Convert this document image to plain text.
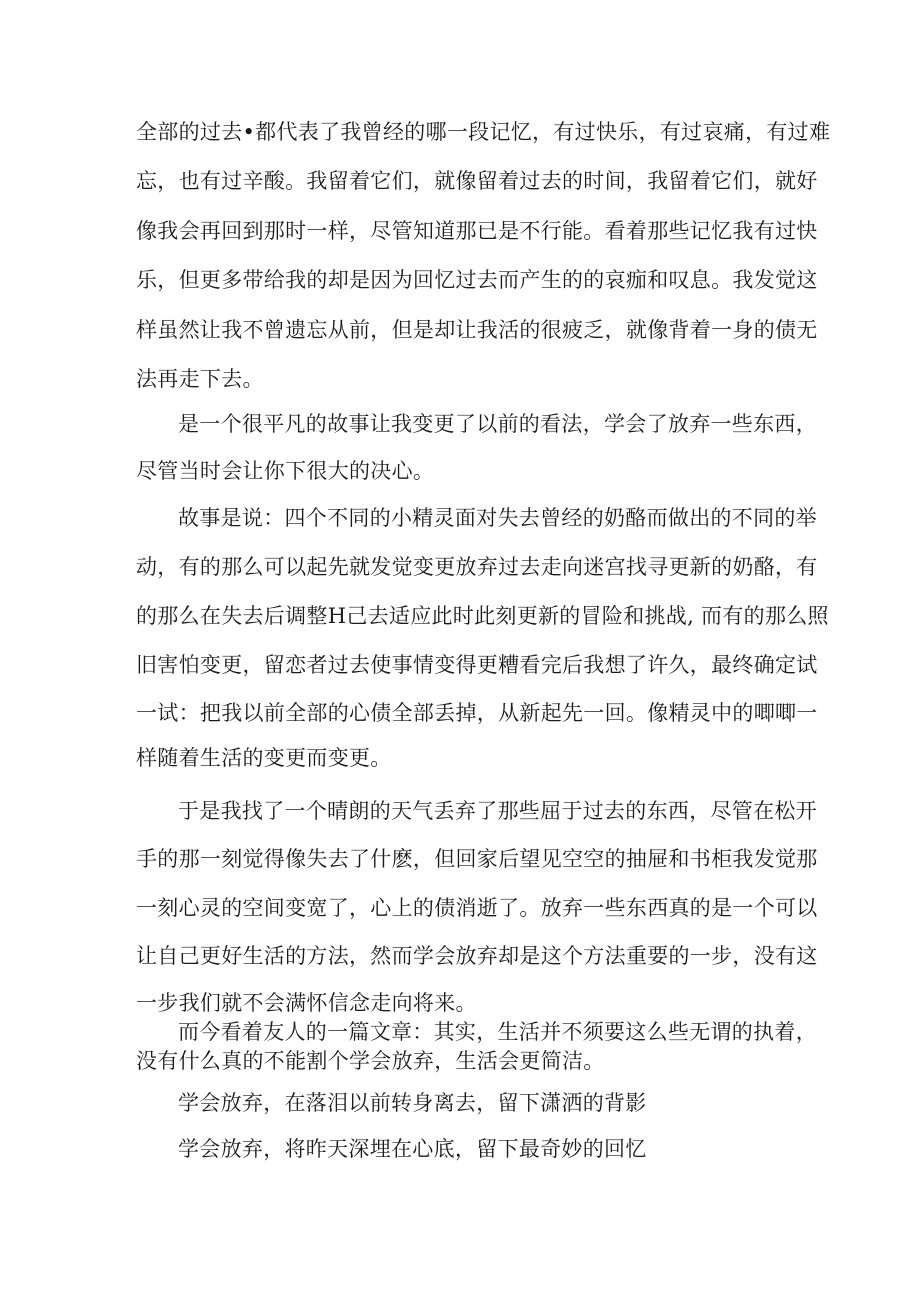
全部的过去•都代表了我曾经的哪一段记忆，有过快乐，有过哀痛，有过难
忘，也有过辛酸。我留着它们，就像留着过去的时间，我留着它们，就好
像我会再回到那时一样，尽管知道那已是不行能。看着那些记忆我有过快
乐，但更多带给我的却是因为回忆过去而产生的的哀痂和叹息。我发觉这
样虽然让我不曾遗忘从前，但是却让我活的很疲乏，就像背着一身的债无
法再走下去。
是一个很平凡的故事让我变更了以前的看法，学会了放弃一些东西，
尽管当时会让你下很大的决心。
故事是说：四个不同的小精灵面对失去曾经的奶酪而做出的不同的举
动，有的那么可以起先就发觉变更放弃过去走向迷宫找寻更新的奶酪，有
的那么在失去后调整H己去适应此时此刻更新的冒险和挑战, 而有的那么照
旧害怕变更，留恋者过去使事情变得更糟看完后我想了许久，最终确定试
一试：把我以前全部的心债全部丢掉，从新起先一回。像精灵中的唧唧一
样随着生活的变更而变更。
于是我找了一个晴朗的天气丢弃了那些屈于过去的东西，尽管在松开
手的那一刻觉得像失去了什麽，但回家后望见空空的抽屉和书柜我发觉那
一刻心灵的空间变宽了，心上的债消逝了。放弃一些东西真的是一个可以
让自己更好生活的方法，然而学会放弃却是这个方法重要的一步，没有这
一步我们就不会满怀信念走向将来。
而今看着友人的一篇文章：其实，生活并不须要这么些无谓的执着，
没有什么真的不能割个学会放弃，生活会更简洁。
学会放弃，在落泪以前转身离去，留下潇洒的背影
学会放弃，将昨天深埋在心底，留下最奇妙的回忆
